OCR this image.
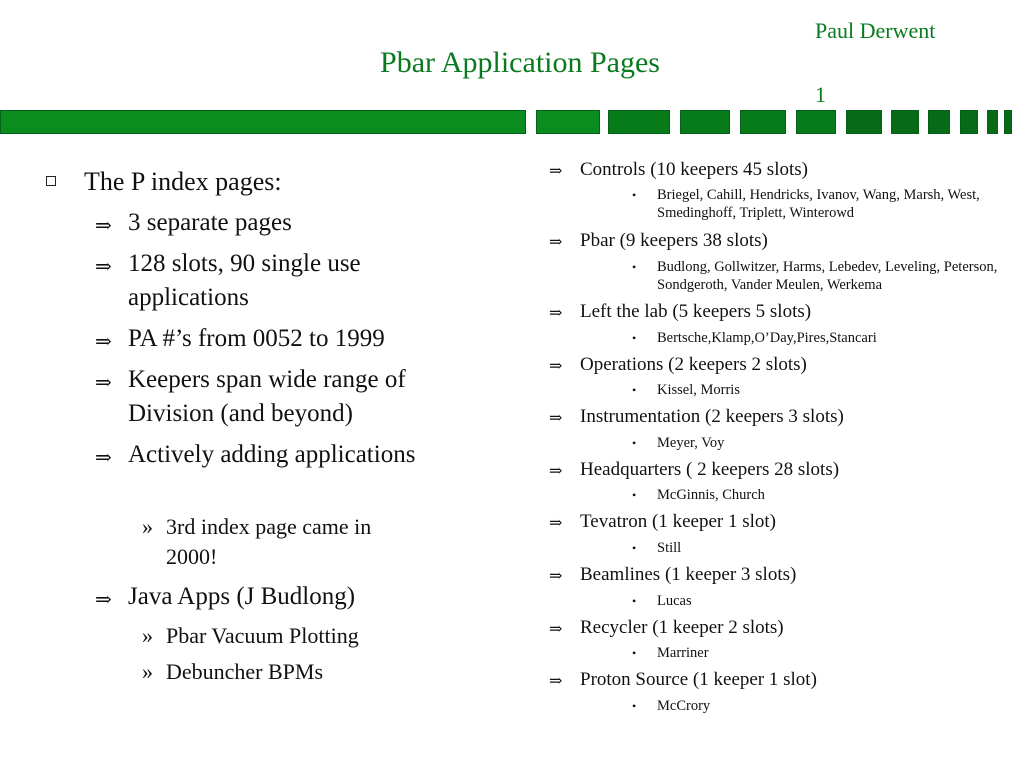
Paul Derwent
Pbar Application Pages
1
The P index pages:
⇒ 3 separate pages
⇒ 128 slots, 90 single use applications
⇒ PA #’s from 0052 to 1999
⇒ Keepers span wide range of Division (and beyond)
⇒ Actively adding applications
» 3rd index page came in 2000!
⇒ Java Apps (J Budlong)
» Pbar Vacuum Plotting
» Debuncher BPMs
⇒ Controls (10 keepers 45 slots)
• Briegel, Cahill, Hendricks, Ivanov, Wang, Marsh, West, Smedinghoff, Triplett, Winterowd
⇒ Pbar (9 keepers 38 slots)
• Budlong, Gollwitzer, Harms, Lebedev, Leveling, Peterson, Sondgeroth, Vander Meulen, Werkema
⇒ Left the lab (5 keepers 5 slots)
• Bertsche,Klamp,O’Day,Pires,Stancari
⇒ Operations (2 keepers 2 slots)
• Kissel, Morris
⇒ Instrumentation (2 keepers 3 slots)
• Meyer, Voy
⇒ Headquarters ( 2 keepers 28 slots)
• McGinnis, Church
⇒ Tevatron (1 keeper 1 slot)
• Still
⇒ Beamlines (1 keeper 3 slots)
• Lucas
⇒ Recycler (1 keeper 2 slots)
• Marriner
⇒ Proton Source (1 keeper 1 slot)
• McCrory
